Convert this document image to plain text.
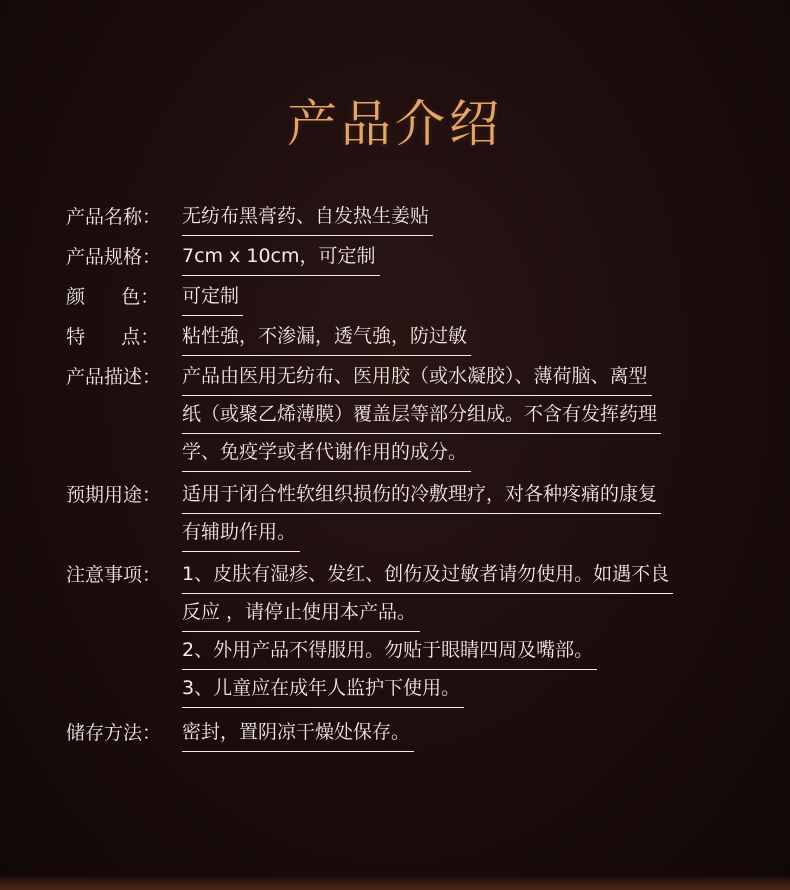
产品介绍
产品名称：	无纺布黑膏药、自发热生姜贴
产品规格：	7cm x 10cm，可定制
颜      色：	可定制
特      点：	粘性強，不渗漏，透气強，防过敏
产品描述：	产品由医用无纺布、医用胶（或水凝胶）、薄荷脑、离型
纸（或聚乙烯薄膜）覆盖层等部分组成。不含有发挥药理
学、免疫学或者代谢作用的成分。
预期用途：	适用于闭合性软组织损伤的冷敷理疗，对各种疼痛的康复
有辅助作用。
注意事项：	1、皮肤有湿疹、发红、创伤及过敏者请勿使用。如遇不良
反应 ，请停止使用本产品。
2、外用产品不得服用。勿贴于眼睛四周及嘴部。
3、儿童应在成年人监护下使用。
储存方法：	密封，置阴凉干燥处保存。
